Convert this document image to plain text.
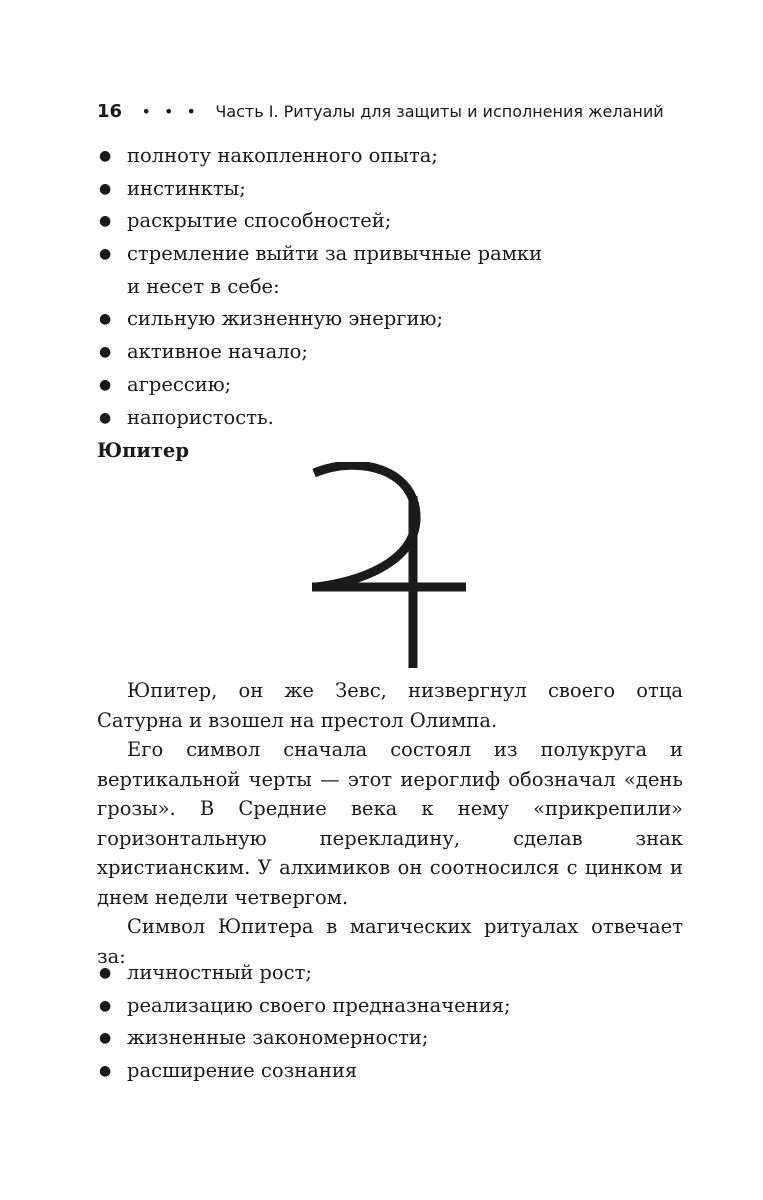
16 • • • Часть I. Ритуалы для защиты и исполнения желаний
● полноту накопленного опыта;
● инстинкты;
● раскрытие способностей;
● стремление выйти за привычные рамки
и несет в себе:
● сильную жизненную энергию;
● активное начало;
● агрессию;
● напористость.
Юпитер

Юпитер, он же Зевс, низвергнул своего отца Сатурна и взошел на престол Олимпа.

Его символ сначала состоял из полукруга и вертикальной черты — этот иероглиф обозначал «день грозы». В Средние века к нему «прикрепили» горизонтальную перекладину, сделав знак христианским. У алхимиков он соотносился с цинком и днем недели четвергом.

Символ Юпитера в магических ритуалах отвечает за:

● личностный рост;
● реализацию своего предназначения;
● жизненные закономерности;
● расширение сознания
